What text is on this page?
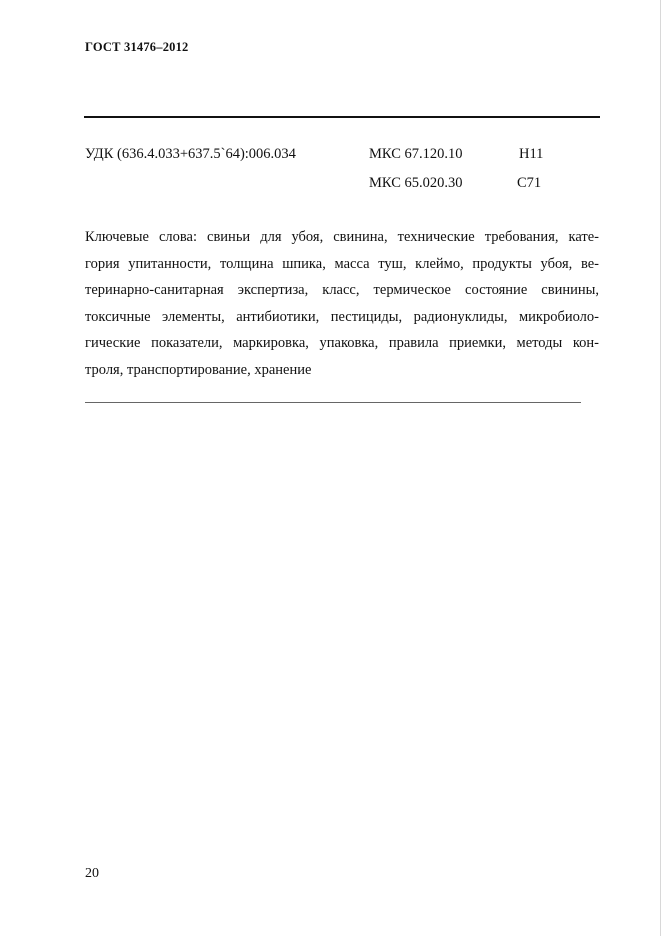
ГОСТ 31476–2012
УДК (636.4.033+637.5`64):006.034	МКС 67.120.10
МКС 65.020.30
Н11
С71
Ключевые слова: свиньи для убоя, свинина, технические требования, кате-
гория упитанности, толщина шпика, масса туш, клеймо, продукты убоя, ве-
теринарно-санитарная экспертиза, класс, термическое состояние свинины,
токсичные элементы, антибиотики, пестициды, радионуклиды, микробиоло-
гические показатели, маркировка, упаковка, правила приемки, методы кон-
троля, транспортирование, хранение
20
